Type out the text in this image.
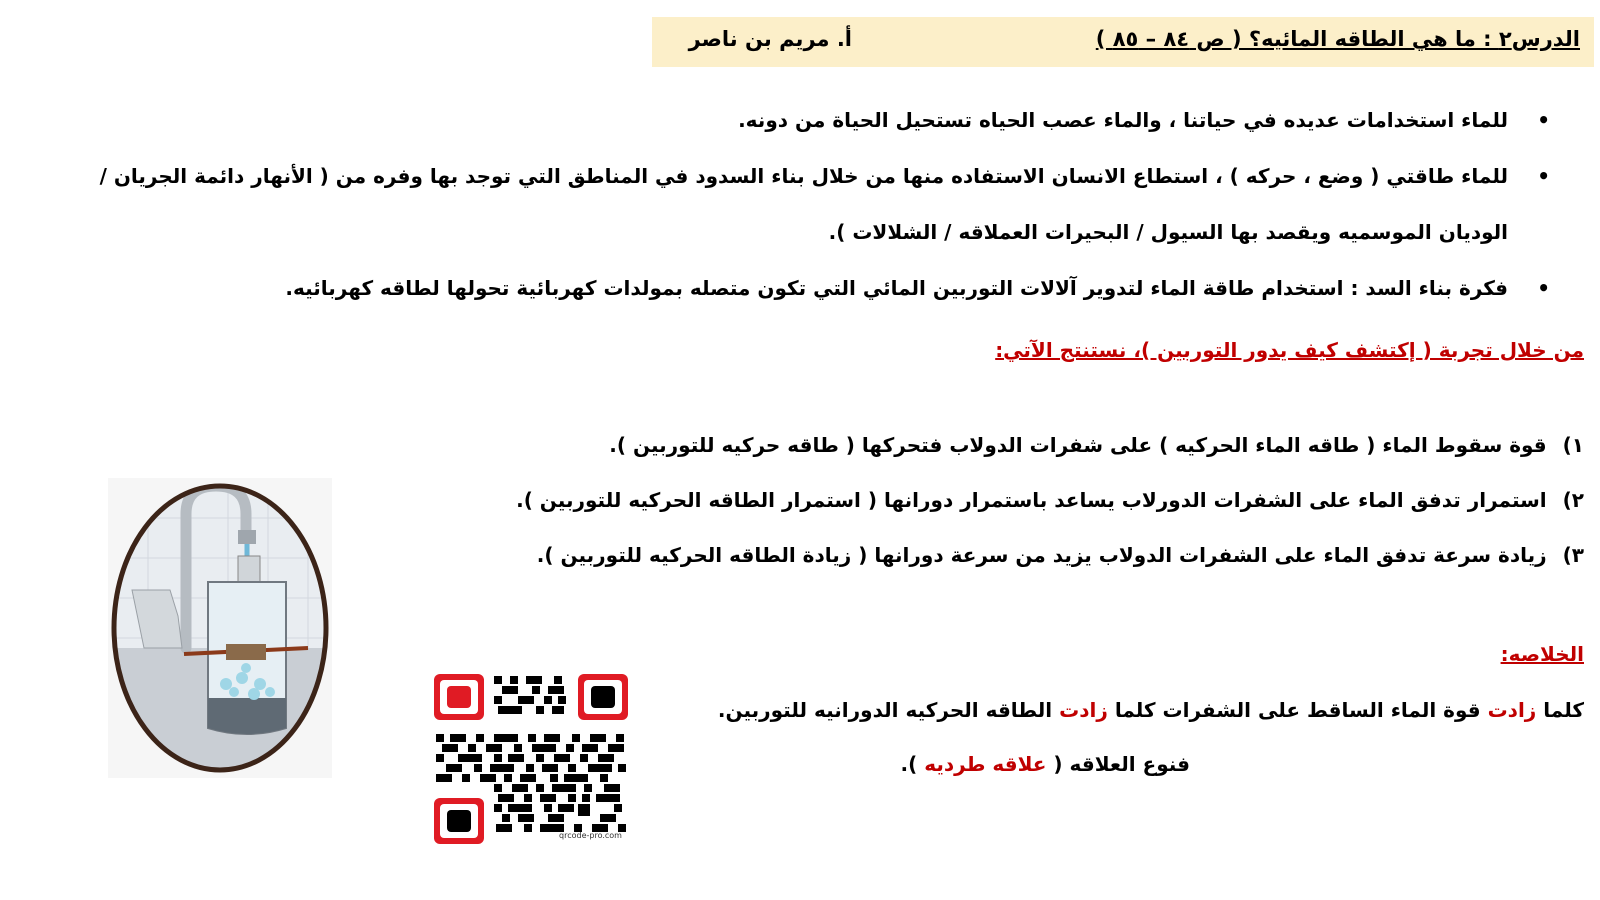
الدرس٢ : ما هي الطاقه المائيه؟ ( ص ٨٤ – ٨٥ )
أ. مريم بن ناصر
• للماء استخدامات عديده في حياتنا ، والماء عصب الحياه تستحيل الحياة من دونه.
• للماء طاقتي ( وضع ، حركه ) ، استطاع الانسان الاستفاده منها من خلال بناء السدود في المناطق التي توجد بها وفره من ( الأنهار دائمة الجريان / الوديان الموسميه ويقصد بها السيول / البحيرات العملاقه / الشلالات ).
• فكرة بناء السد : استخدام طاقة الماء لتدوير آلالات التوربين المائي التي تكون متصله بمولدات كهربائية تحولها لطاقه كهربائيه.
من خلال تجربة ( إكتشف كيف يدور التوربين )، نستنتج الآتي:
١)قوة سقوط الماء ( طاقه الماء الحركيه ) على شفرات الدولاب فتحركها ( طاقه حركيه للتوربين ).
٢)استمرار تدفق الماء على الشفرات الدورلاب يساعد باستمرار دورانها ( استمرار الطاقه الحركيه للتوربين ).
٣)زيادة سرعة تدفق الماء على الشفرات الدولاب يزيد من سرعة دورانها ( زيادة الطاقه الحركيه للتوربين ).
الخلاصه:
كلما زادت قوة الماء الساقط على الشفرات كلما زادت الطاقه الحركيه الدورانيه للتوربين.
فنوع العلاقه ( علاقه طرديه ).
qrcode-pro.com
